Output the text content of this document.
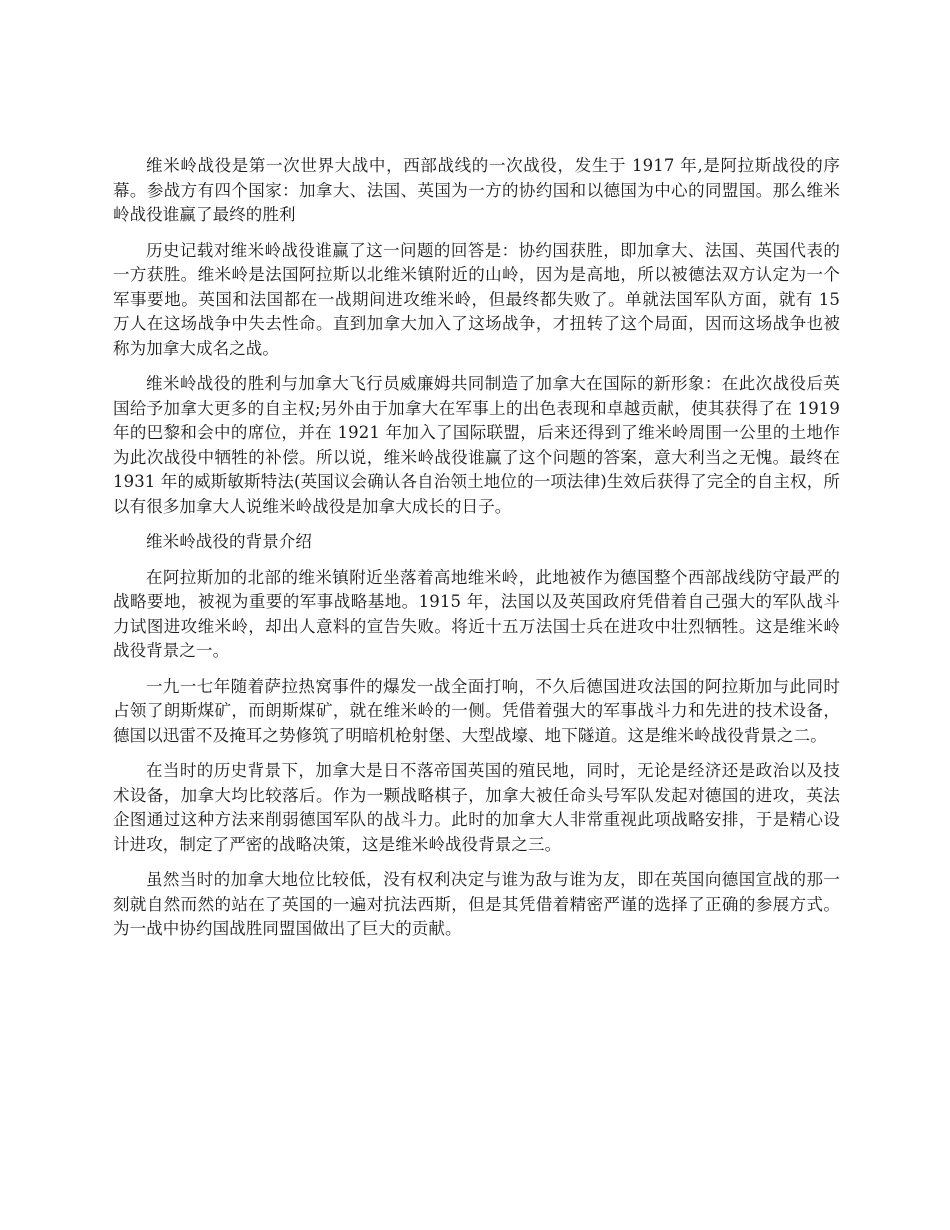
维米岭战役是第一次世界大战中，西部战线的一次战役，发生于 1917 年,是阿拉斯战役的序幕。参战方有四个国家：加拿大、法国、英国为一方的协约国和以德国为中心的同盟国。那么维米岭战役谁赢了最终的胜利

历史记载对维米岭战役谁赢了这一问题的回答是：协约国获胜，即加拿大、法国、英国代表的一方获胜。维米岭是法国阿拉斯以北维米镇附近的山岭，因为是高地，所以被德法双方认定为一个军事要地。英国和法国都在一战期间进攻维米岭，但最终都失败了。单就法国军队方面，就有 15 万人在这场战争中失去性命。直到加拿大加入了这场战争，才扭转了这个局面，因而这场战争也被称为加拿大成名之战。

维米岭战役的胜利与加拿大飞行员威廉姆共同制造了加拿大在国际的新形象：在此次战役后英国给予加拿大更多的自主权;另外由于加拿大在军事上的出色表现和卓越贡献，使其获得了在 1919 年的巴黎和会中的席位，并在 1921 年加入了国际联盟，后来还得到了维米岭周围一公里的土地作为此次战役中牺牲的补偿。所以说，维米岭战役谁赢了这个问题的答案，意大利当之无愧。最终在 1931 年的威斯敏斯特法(英国议会确认各自治领土地位的一项法律)生效后获得了完全的自主权，所以有很多加拿大人说维米岭战役是加拿大成长的日子。

维米岭战役的背景介绍

在阿拉斯加的北部的维米镇附近坐落着高地维米岭，此地被作为德国整个西部战线防守最严的战略要地，被视为重要的军事战略基地。1915 年，法国以及英国政府凭借着自己强大的军队战斗力试图进攻维米岭，却出人意料的宣告失败。将近十五万法国士兵在进攻中壮烈牺牲。这是维米岭战役背景之一。

一九一七年随着萨拉热窝事件的爆发一战全面打响，不久后德国进攻法国的阿拉斯加与此同时占领了朗斯煤矿，而朗斯煤矿，就在维米岭的一侧。凭借着强大的军事战斗力和先进的技术设备，德国以迅雷不及掩耳之势修筑了明暗机枪射堡、大型战壕、地下隧道。这是维米岭战役背景之二。

在当时的历史背景下，加拿大是日不落帝国英国的殖民地，同时，无论是经济还是政治以及技术设备，加拿大均比较落后。作为一颗战略棋子，加拿大被任命头号军队发起对德国的进攻，英法企图通过这种方法来削弱德国军队的战斗力。此时的加拿大人非常重视此项战略安排，于是精心设计进攻，制定了严密的战略决策，这是维米岭战役背景之三。

虽然当时的加拿大地位比较低，没有权利决定与谁为敌与谁为友，即在英国向德国宣战的那一刻就自然而然的站在了英国的一遍对抗法西斯，但是其凭借着精密严谨的选择了正确的参展方式。为一战中协约国战胜同盟国做出了巨大的贡献。
